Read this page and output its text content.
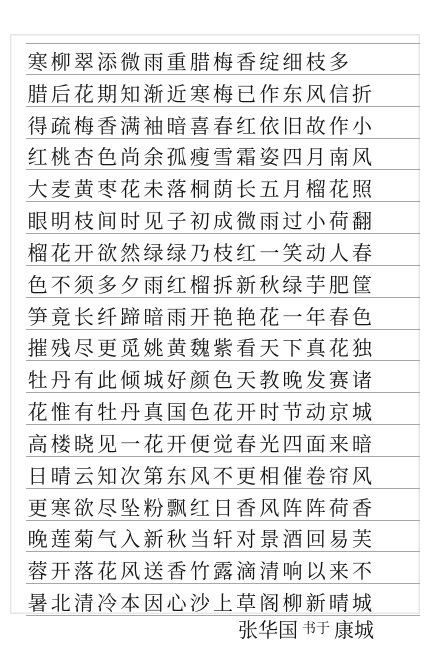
寒 柳 翠 添 微 雨 重 腊 梅 香 绽 细 枝 多
腊 后 花 期 知 渐 近 寒 梅 已 作 东 风 信 折
得 疏 梅 香 满 袖 暗 喜 春 红 依 旧 故 作 小
红 桃 杏 色 尚 余 孤 瘦 雪 霜 姿 四 月 南 风
大 麦 黄 枣 花 未 落 桐 荫 长 五 月 榴 花 照
眼 明 枝 间 时 见 子 初 成 微 雨 过 小 荷 翻
榴 花 开 欲 然 绿 绿 乃 枝 红 一 笑 动 人 春
色 不 须 多 夕 雨 红 榴 拆 新 秋 绿 芋 肥 筐
笋 竟 长 纤 蹄 暗 雨 开 艳 艳 花 一 年 春 色
摧 残 尽 更 觅 姚 黄 魏 紫 看 天 下 真 花 独
牡 丹 有 此 倾 城 好 颜 色 天 教 晚 发 赛 诸
花 惟 有 牡 丹 真 国 色 花 开 时 节 动 京 城
高 楼 晓 见 一 花 开 便 觉 春 光 四 面 来 暗
日 晴 云 知 次 第 东 风 不 更 相 催 卷 帘 风
更 寒 欲 尽 坠 粉 飘 红 日 香 风 阵 阵 荷 香
晚 莲 菊 气 入 新 秋 当 轩 对 景 酒 回 易 芙
蓉 开 落 花 风 送 香 竹 露 滴 清 响 以 来 不
暑 北 清 冷 本 因 心 沙 上 草 阁 柳 新 晴 城
张华国 书于 康城
